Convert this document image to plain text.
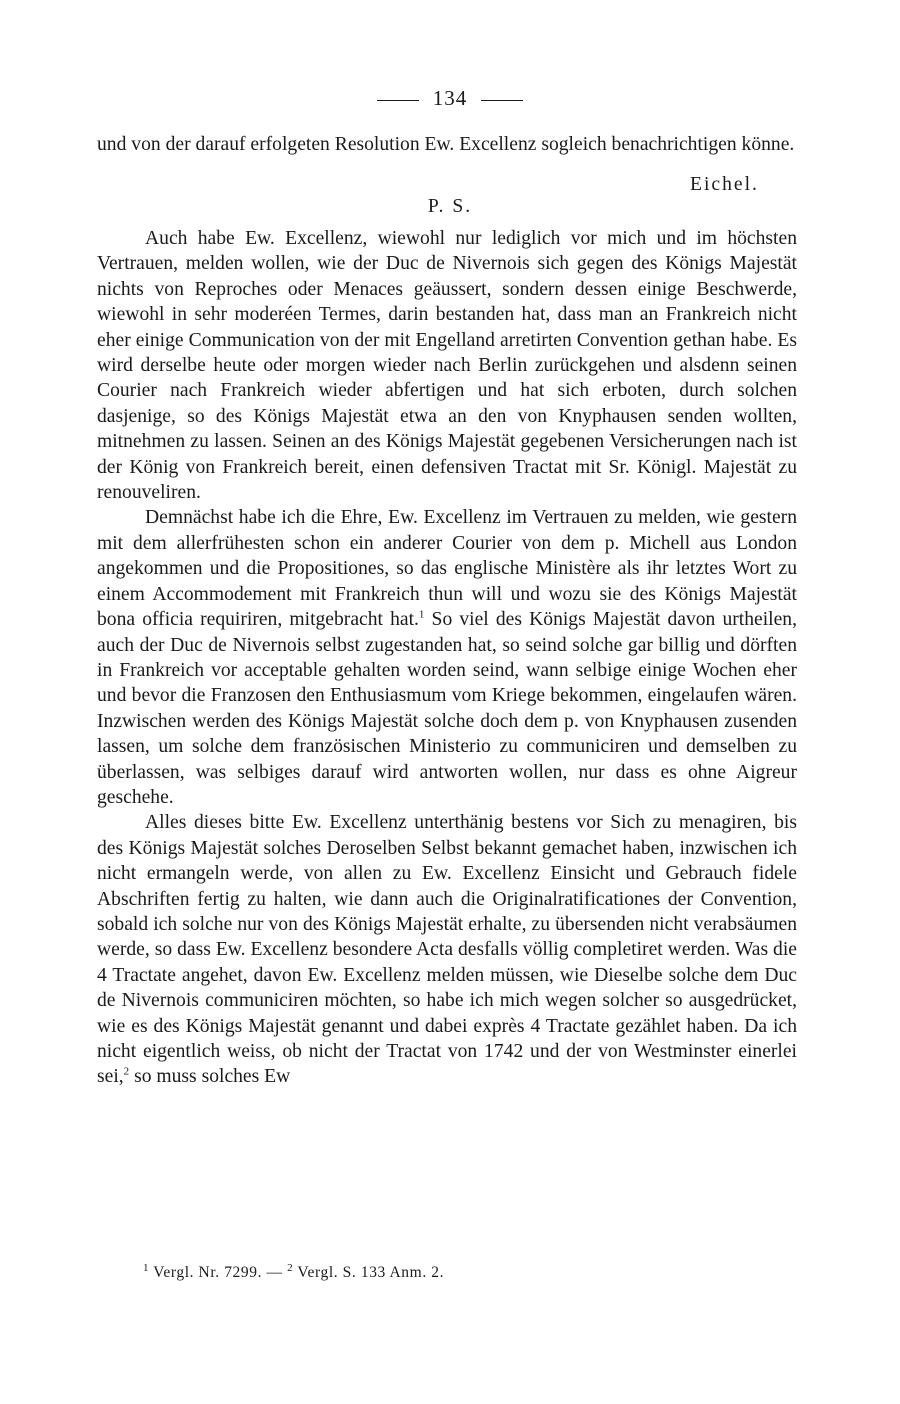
134
und von der darauf erfolgeten Resolution Ew. Excellenz sogleich benachrichtigen könne.
Eichel.
P. S.

Auch habe Ew. Excellenz, wiewohl nur lediglich vor mich und im höchsten Vertrauen, melden wollen, wie der Duc de Nivernois sich gegen des Königs Majestät nichts von Reproches oder Menaces geäussert, sondern dessen einige Beschwerde, wiewohl in sehr moderéen Termes, darin bestanden hat, dass man an Frankreich nicht eher einige Communication von der mit Engelland arretirten Convention gethan habe. Es wird derselbe heute oder morgen wieder nach Berlin zurückgehen und alsdenn seinen Courier nach Frankreich wieder abfertigen und hat sich erboten, durch solchen dasjenige, so des Königs Majestät etwa an den von Knyphausen senden wollten, mitnehmen zu lassen. Seinen an des Königs Majestät gegebenen Versicherungen nach ist der König von Frankreich bereit, einen defensiven Tractat mit Sr. Königl. Majestät zu renouveliren.

Demnächst habe ich die Ehre, Ew. Excellenz im Vertrauen zu melden, wie gestern mit dem allerfrühesten schon ein anderer Courier von dem p. Michell aus London angekommen und die Propositiones, so das englische Ministère als ihr letztes Wort zu einem Accommodement mit Frankreich thun will und wozu sie des Königs Majestät bona officia requiriren, mitgebracht hat.$^1$ So viel des Königs Majestät davon urtheilen, auch der Duc de Nivernois selbst zugestanden hat, so seind solche gar billig und dörften in Frankreich vor acceptable gehalten worden seind, wann selbige einige Wochen eher und bevor die Franzosen den Enthusiasmum vom Kriege bekommen, eingelaufen wären. Inzwischen werden des Königs Majestät solche doch dem p. von Knyphausen zusenden lassen, um solche dem französischen Ministerio zu communiciren und demselben zu überlassen, was selbiges darauf wird antworten wollen, nur dass es ohne Aigreur geschehe.

Alles dieses bitte Ew. Excellenz unterthänig bestens vor Sich zu menagiren, bis des Königs Majestät solches Deroselben Selbst bekannt gemachet haben, inzwischen ich nicht ermangeln werde, von allen zu Ew. Excellenz Einsicht und Gebrauch fidele Abschriften fertig zu halten, wie dann auch die Originalratificationes der Convention, sobald ich solche nur von des Königs Majestät erhalte, zu übersenden nicht verabsäumen werde, so dass Ew. Excellenz besondere Acta desfalls völlig completiret werden. Was die 4 Tractate angehet, davon Ew. Excellenz melden müssen, wie Dieselbe solche dem Duc de Nivernois communiciren möchten, so habe ich mich wegen solcher so ausgedrücket, wie es des Königs Majestät genannt und dabei exprès 4 Tractate gezählet haben. Da ich nicht eigentlich weiss, ob nicht der Tractat von 1742 und der von Westminster einerlei sei,$^2$ so muss solches Ew

$^1$ Vergl. Nr. 7299. — $^2$ Vergl. S. 133 Anm. 2.
